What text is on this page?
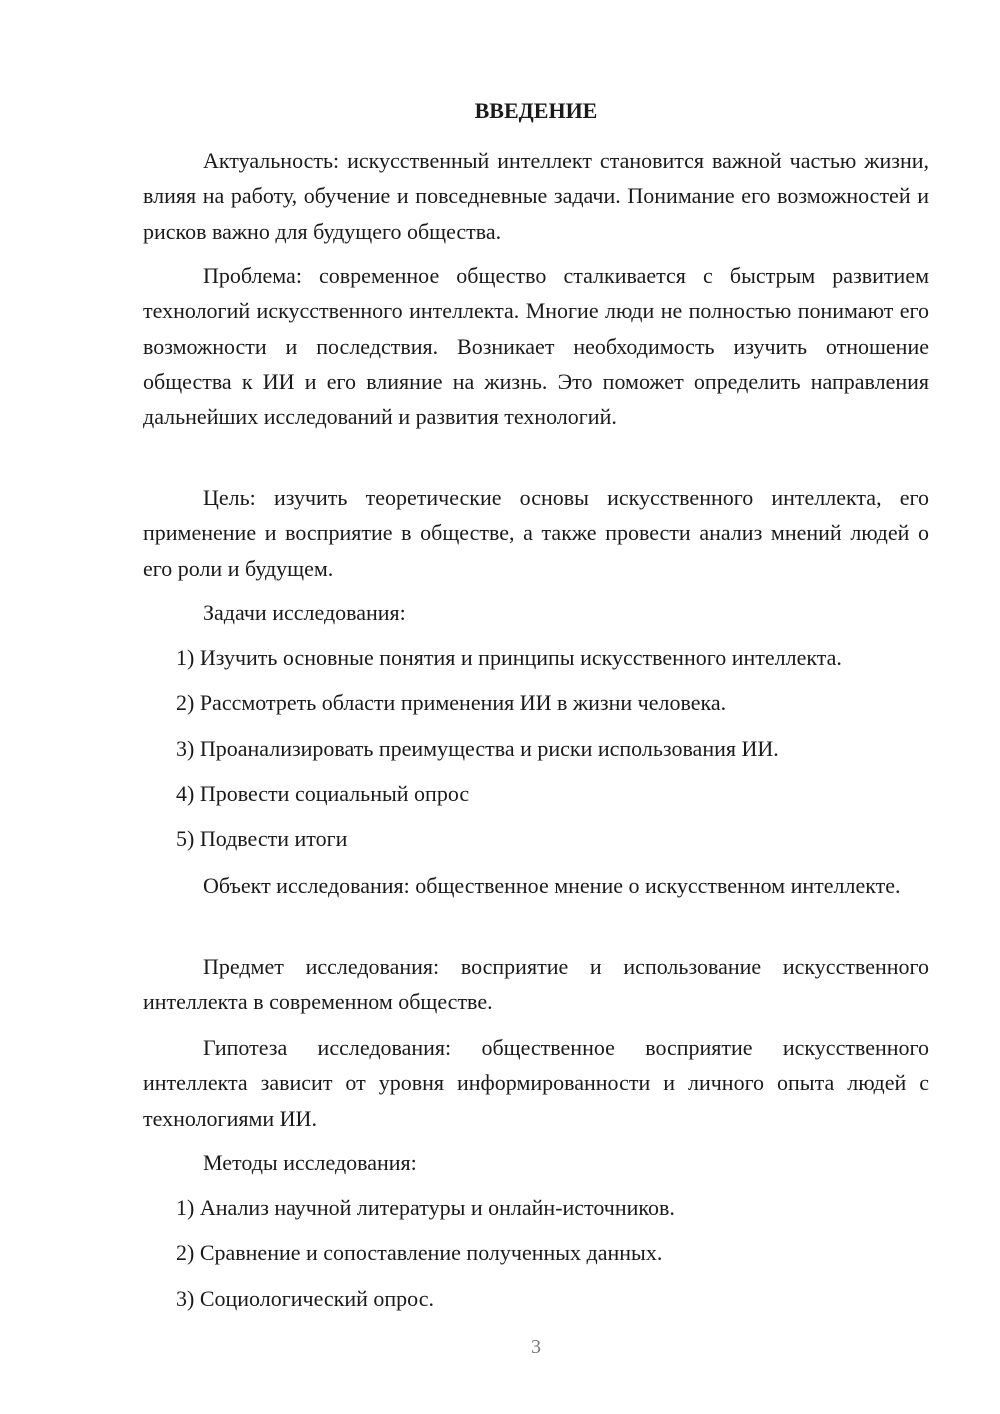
ВВЕДЕНИЕ

Актуальность: искусственный интеллект становится важной частью жизни, влияя на работу, обучение и повседневные задачи. Понимание его возможностей и рисков важно для будущего общества.

Проблема: современное общество сталкивается с быстрым развитием технологий искусственного интеллекта. Многие люди не полностью понимают его возможности и последствия. Возникает необходимость изучить отношение общества к ИИ и его влияние на жизнь. Это поможет определить направления дальнейших исследований и развития технологий.

Цель: изучить теоретические основы искусственного интеллекта, его применение и восприятие в обществе, а также провести анализ мнений людей о его роли и будущем.

Задачи исследования:

1) Изучить основные понятия и принципы искусственного интеллекта.

2) Рассмотреть области применения ИИ в жизни человека.

3) Проанализировать преимущества и риски использования ИИ.

4) Провести социальный опрос

5) Подвести итоги

Объект исследования: общественное мнение о искусственном интеллекте.

Предмет исследования: восприятие и использование искусственного интеллекта в современном обществе.

Гипотеза исследования: общественное восприятие искусственного интеллекта зависит от уровня информированности и личного опыта людей с технологиями ИИ.

Методы исследования:

1) Анализ научной литературы и онлайн-источников.

2) Сравнение и сопоставление полученных данных.

3) Социологический опрос.

3
